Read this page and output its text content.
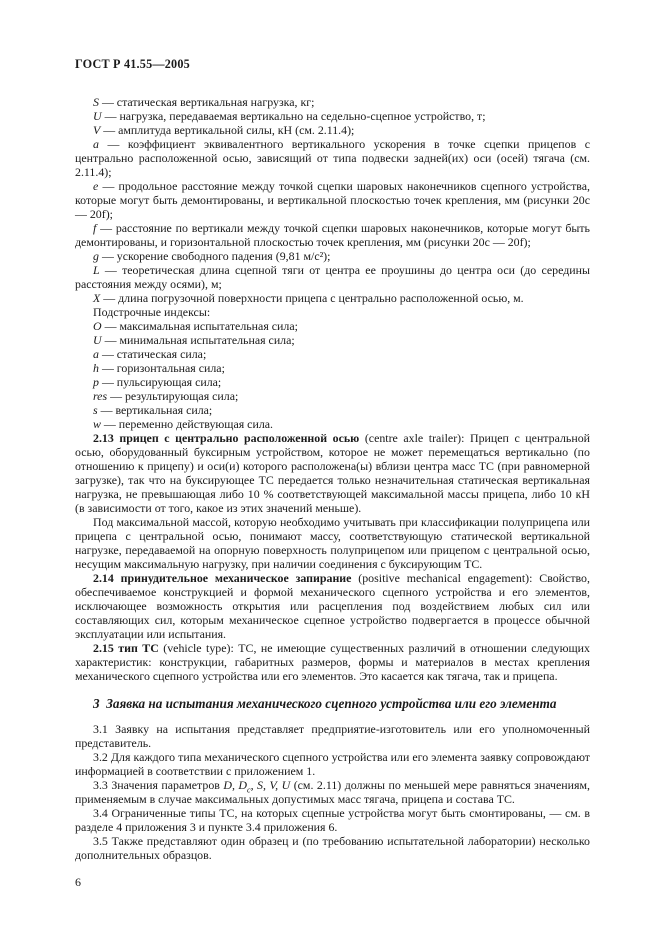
ГОСТ Р 41.55—2005

S — статическая вертикальная нагрузка, кг;

U — нагрузка, передаваемая вертикально на седельно-сцепное устройство, т;

V — амплитуда вертикальной силы, кН (см. 2.11.4);

a — коэффициент эквивалентного вертикального ускорения в точке сцепки прицепов с центрально расположенной осью, зависящий от типа подвески задней(их) оси (осей) тягача (см. 2.11.4);

e — продольное расстояние между точкой сцепки шаровых наконечников сцепного устройства, которые могут быть демонтированы, и вертикальной плоскостью точек крепления, мм (рисунки 20c — 20f);

f — расстояние по вертикали между точкой сцепки шаровых наконечников, которые могут быть демонтированы, и горизонтальной плоскостью точек крепления, мм (рисунки 20c — 20f);

g — ускорение свободного падения (9,81 м/с²);

L — теоретическая длина сцепной тяги от центра ее проушины до центра оси (до середины расстояния между осями), м;

X — длина погрузочной поверхности прицепа с центрально расположенной осью, м.

Подстрочные индексы:

O — максимальная испытательная сила;

U — минимальная испытательная сила;

a — статическая сила;

h — горизонтальная сила;

p — пульсирующая сила;

res — результирующая сила;

s — вертикальная сила;

w — переменно действующая сила.

2.13 прицеп с центрально расположенной осью (centre axle trailer): Прицеп с центральной осью, оборудованный буксирным устройством, которое не может перемещаться вертикально (по отношению к прицепу) и оси(и) которого расположена(ы) вблизи центра масс ТС (при равномерной загрузке), так что на буксирующее ТС передается только незначительная статическая вертикальная нагрузка, не превышающая либо 10 % соответствующей максимальной массы прицепа, либо 10 кН (в зависимости от того, какое из этих значений меньше).

Под максимальной массой, которую необходимо учитывать при классификации полуприцепа или прицепа с центральной осью, понимают массу, соответствующую статической вертикальной нагрузке, передаваемой на опорную поверхность полуприцепом или прицепом с центральной осью, несущим максимальную нагрузку, при наличии соединения с буксирующим ТС.

2.14 принудительное механическое запирание (positive mechanical engagement): Свойство, обеспечиваемое конструкцией и формой механического сцепного устройства и его элементов, исключающее возможность открытия или расцепления под воздействием любых сил или составляющих сил, которым механическое сцепное устройство подвергается в процессе обычной эксплуатации или испытания.

2.15 тип ТС (vehicle type): ТС, не имеющие существенных различий в отношении следующих характеристик: конструкции, габаритных размеров, формы и материалов в местах крепления механического сцепного устройства или его элементов. Это касается как тягача, так и прицепа.

3  Заявка на испытания механического сцепного устройства или его элемента

3.1 Заявку на испытания представляет предприятие-изготовитель или его уполномоченный представитель.

3.2 Для каждого типа механического сцепного устройства или его элемента заявку сопровождают информацией в соответствии с приложением 1.

3.3 Значения параметров D, $D_c$, S, V, U (см. 2.11) должны по меньшей мере равняться значениям, применяемым в случае максимальных допустимых масс тягача, прицепа и состава ТС.

3.4 Ограниченные типы ТС, на которых сцепные устройства могут быть смонтированы, — см. в разделе 4 приложения 3 и пункте 3.4 приложения 6.

3.5 Также представляют один образец и (по требованию испытательной лаборатории) несколько дополнительных образцов.

6
